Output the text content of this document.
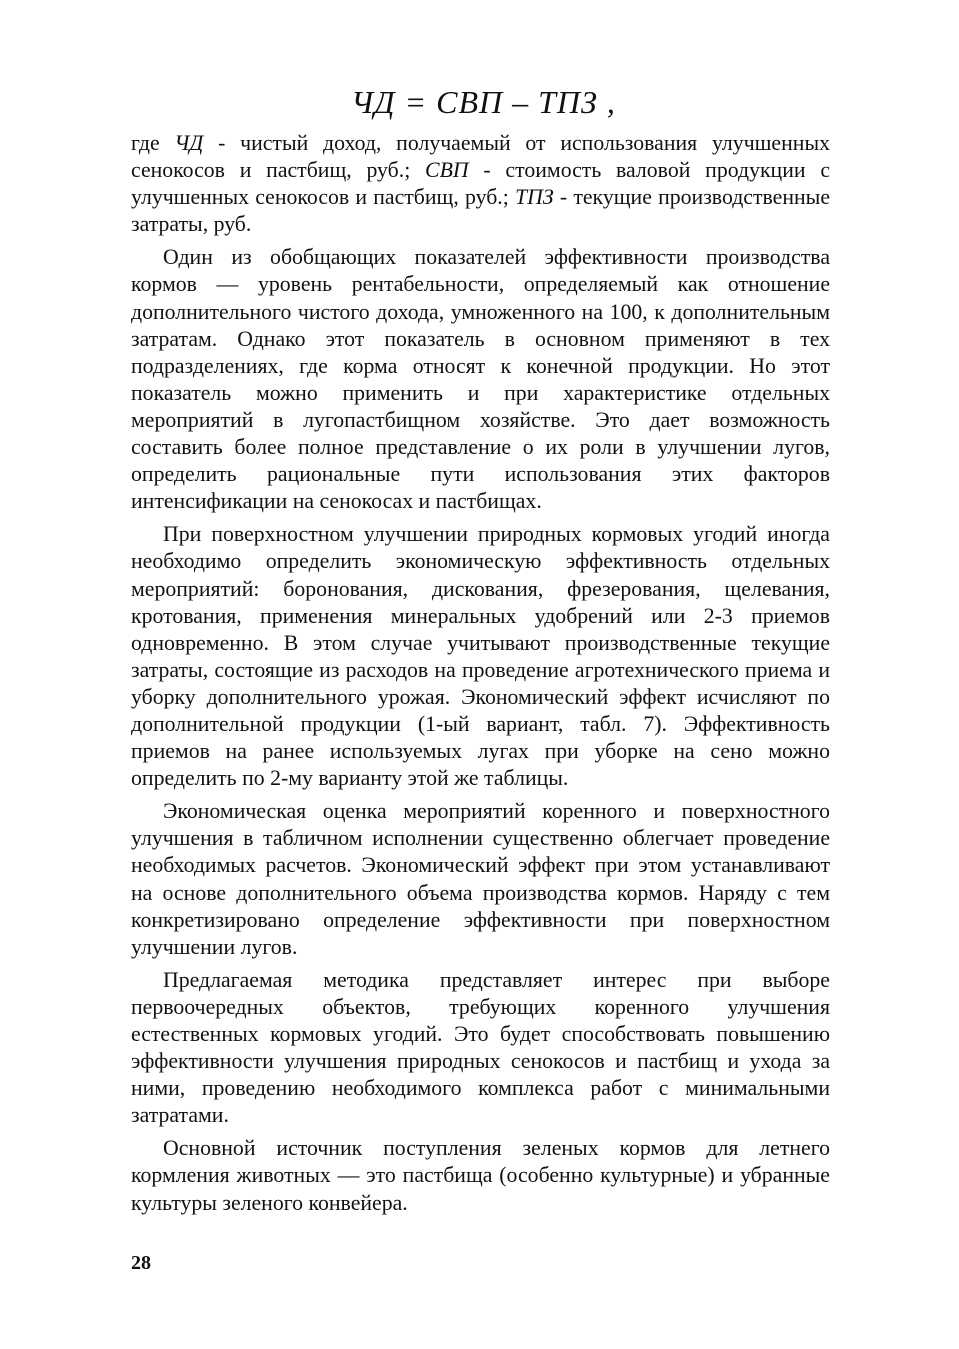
ЧД = СВП – ТПЗ ,

где ЧД - чистый доход, получаемый от использования улучшенных сенокосов и пастбищ, руб.; СВП - стоимость валовой продукции с улучшенных сенокосов и пастбищ, руб.; ТПЗ - текущие производственные затраты, руб.

Один из обобщающих показателей эффективности производства кормов — уровень рентабельности, определяемый как отношение дополнительного чистого дохода, умноженного на 100, к дополнительным затратам. Однако этот показатель в основном применяют в тех подразделениях, где корма относят к конечной продукции. Но этот показатель можно применить и при характеристике отдельных мероприятий в лугопастбищном хозяйстве. Это дает возможность составить более полное представление о их роли в улучшении лугов, определить рациональные пути использования этих факторов интенсификации на сенокосах и пастбищах.

При поверхностном улучшении природных кормовых угодий иногда необходимо определить экономическую эффективность отдельных мероприятий: боронования, дискования, фрезерования, щелевания, кротования, применения минеральных удобрений или 2-3 приемов одновременно. В этом случае учитывают производственные текущие затраты, состоящие из расходов на проведение агротехнического приема и уборку дополнительного урожая. Экономический эффект исчисляют по дополнительной продукции (1-ый вариант, табл. 7). Эффективность приемов на ранее используемых лугах при уборке на сено можно определить по 2-му варианту этой же таблицы.

Экономическая оценка мероприятий коренного и поверхностного улучшения в табличном исполнении существенно облегчает проведение необходимых расчетов. Экономический эффект при этом устанавливают на основе дополнительного объема производства кормов. Наряду с тем конкретизировано определение эффективности при поверхностном улучшении лугов.

Предлагаемая методика представляет интерес при выборе первоочередных объектов, требующих коренного улучшения естественных кормовых угодий. Это будет способствовать повышению эффективности улучшения природных сенокосов и пастбищ и ухода за ними, проведению необходимого комплекса работ с минимальными затратами.

Основной источник поступления зеленых кормов для летнего кормления животных — это пастбища (особенно культурные) и убранные культуры зеленого конвейера.

28
